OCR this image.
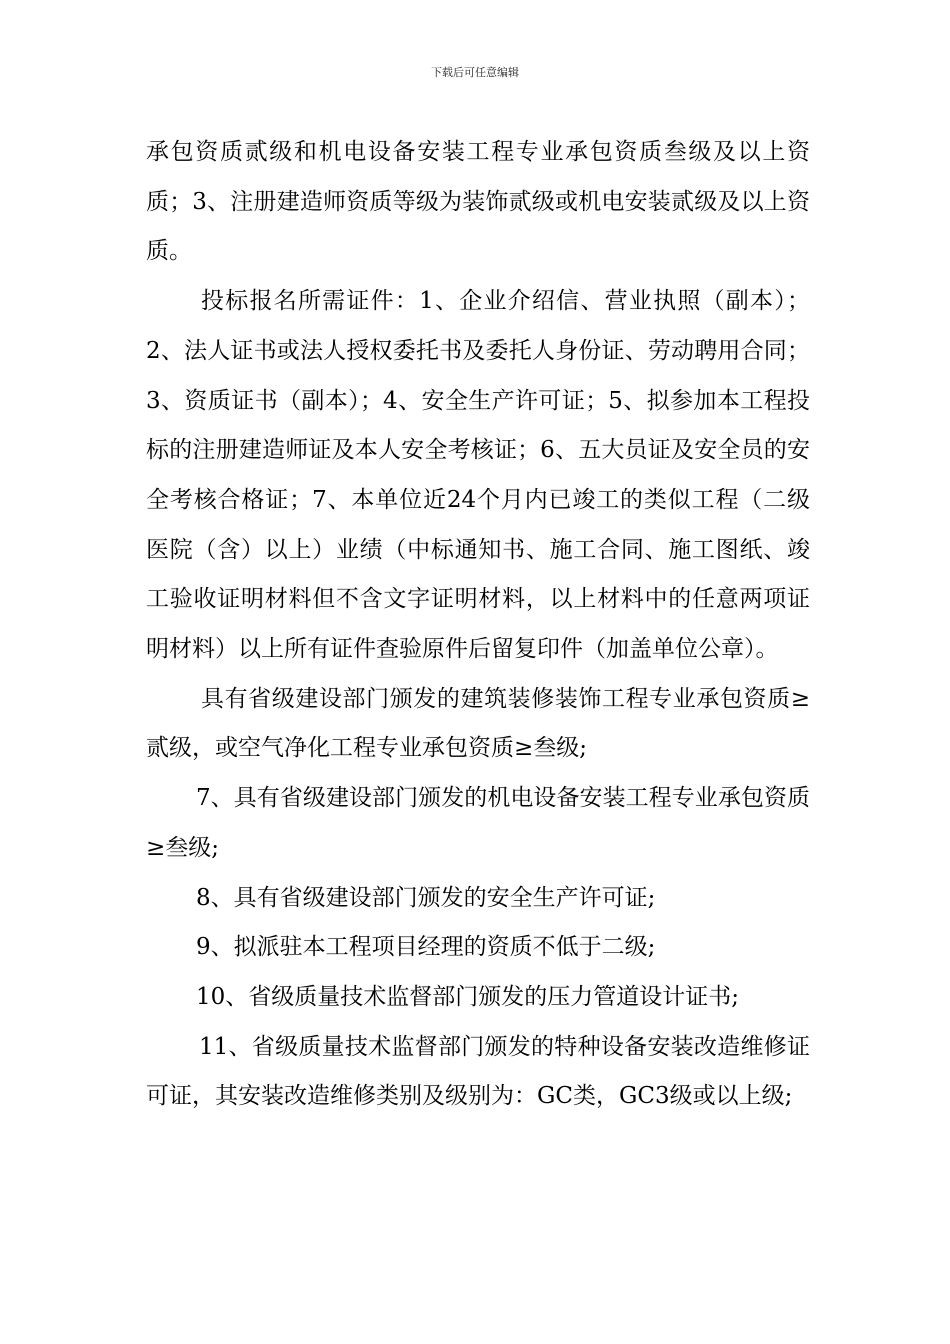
下载后可任意编辑

承包资质贰级和机电设备安装工程专业承包资质叁级及以上资质；3、注册建造师资质等级为装饰贰级或机电安装贰级及以上资质。

投标报名所需证件：1、企业介绍信、营业执照（副本）；2、法人证书或法人授权委托书及委托人身份证、劳动聘用合同；3、资质证书（副本）；4、安全生产许可证；5、拟参加本工程投标的注册建造师证及本人安全考核证；6、五大员证及安全员的安全考核合格证；7、本单位近24个月内已竣工的类似工程（二级医院（含）以上）业绩（中标通知书、施工合同、施工图纸、竣工验收证明材料但不含文字证明材料，以上材料中的任意两项证明材料）以上所有证件查验原件后留复印件（加盖单位公章）。

具有省级建设部门颁发的建筑装修装饰工程专业承包资质≥贰级，或空气净化工程专业承包资质≥叁级;

7、具有省级建设部门颁发的机电设备安装工程专业承包资质≥叁级;

8、具有省级建设部门颁发的安全生产许可证;

9、拟派驻本工程项目经理的资质不低于二级;

10、省级质量技术监督部门颁发的压力管道设计证书;

11、省级质量技术监督部门颁发的特种设备安装改造维修证可证，其安装改造维修类别及级别为：GC类，GC3级或以上级;
